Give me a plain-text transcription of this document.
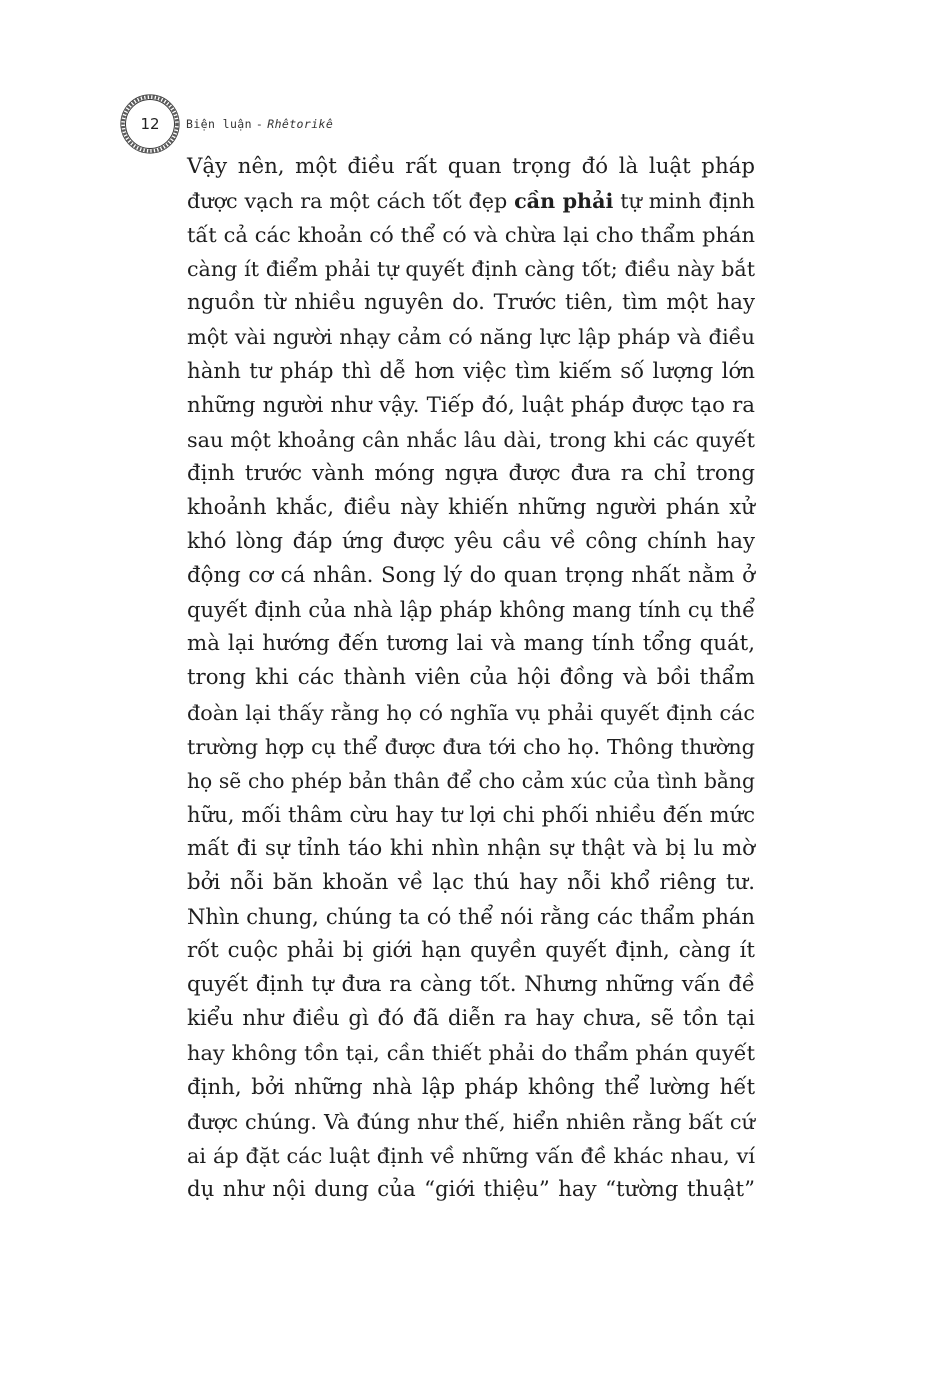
12	Biện luận - Rhêtorikê
Vậy nên, một điều rất quan trọng đó là luật pháp
được vạch ra một cách tốt đẹp cần phải tự minh định
tất cả các khoản có thể có và chừa lại cho thẩm phán
càng ít điểm phải tự quyết định càng tốt; điều này bắt
nguồn từ nhiều nguyên do. Trước tiên, tìm một hay
một vài người nhạy cảm có năng lực lập pháp và điều
hành tư pháp thì dễ hơn việc tìm kiếm số lượng lớn
những người như vậy. Tiếp đó, luật pháp được tạo ra
sau một khoảng cân nhắc lâu dài, trong khi các quyết
định trước vành móng ngựa được đưa ra chỉ trong
khoảnh khắc, điều này khiến những người phán xử
khó lòng đáp ứng được yêu cầu về công chính hay
động cơ cá nhân. Song lý do quan trọng nhất nằm ở
quyết định của nhà lập pháp không mang tính cụ thể
mà lại hướng đến tương lai và mang tính tổng quát,
trong khi các thành viên của hội đồng và bồi thẩm
đoàn lại thấy rằng họ có nghĩa vụ phải quyết định các
trường hợp cụ thể được đưa tới cho họ. Thông thường
họ sẽ cho phép bản thân để cho cảm xúc của tình bằng
hữu, mối thâm cừu hay tư lợi chi phối nhiều đến mức
mất đi sự tỉnh táo khi nhìn nhận sự thật và bị lu mờ
bởi nỗi băn khoăn về lạc thú hay nỗi khổ riêng tư.
Nhìn chung, chúng ta có thể nói rằng các thẩm phán
rốt cuộc phải bị giới hạn quyền quyết định, càng ít
quyết định tự đưa ra càng tốt. Nhưng những vấn đề
kiểu như điều gì đó đã diễn ra hay chưa, sẽ tồn tại
hay không tồn tại, cần thiết phải do thẩm phán quyết
định, bởi những nhà lập pháp không thể lường hết
được chúng. Và đúng như thế, hiển nhiên rằng bất cứ
ai áp đặt các luật định về những vấn đề khác nhau, ví
dụ như nội dung của “giới thiệu” hay “tường thuật”
